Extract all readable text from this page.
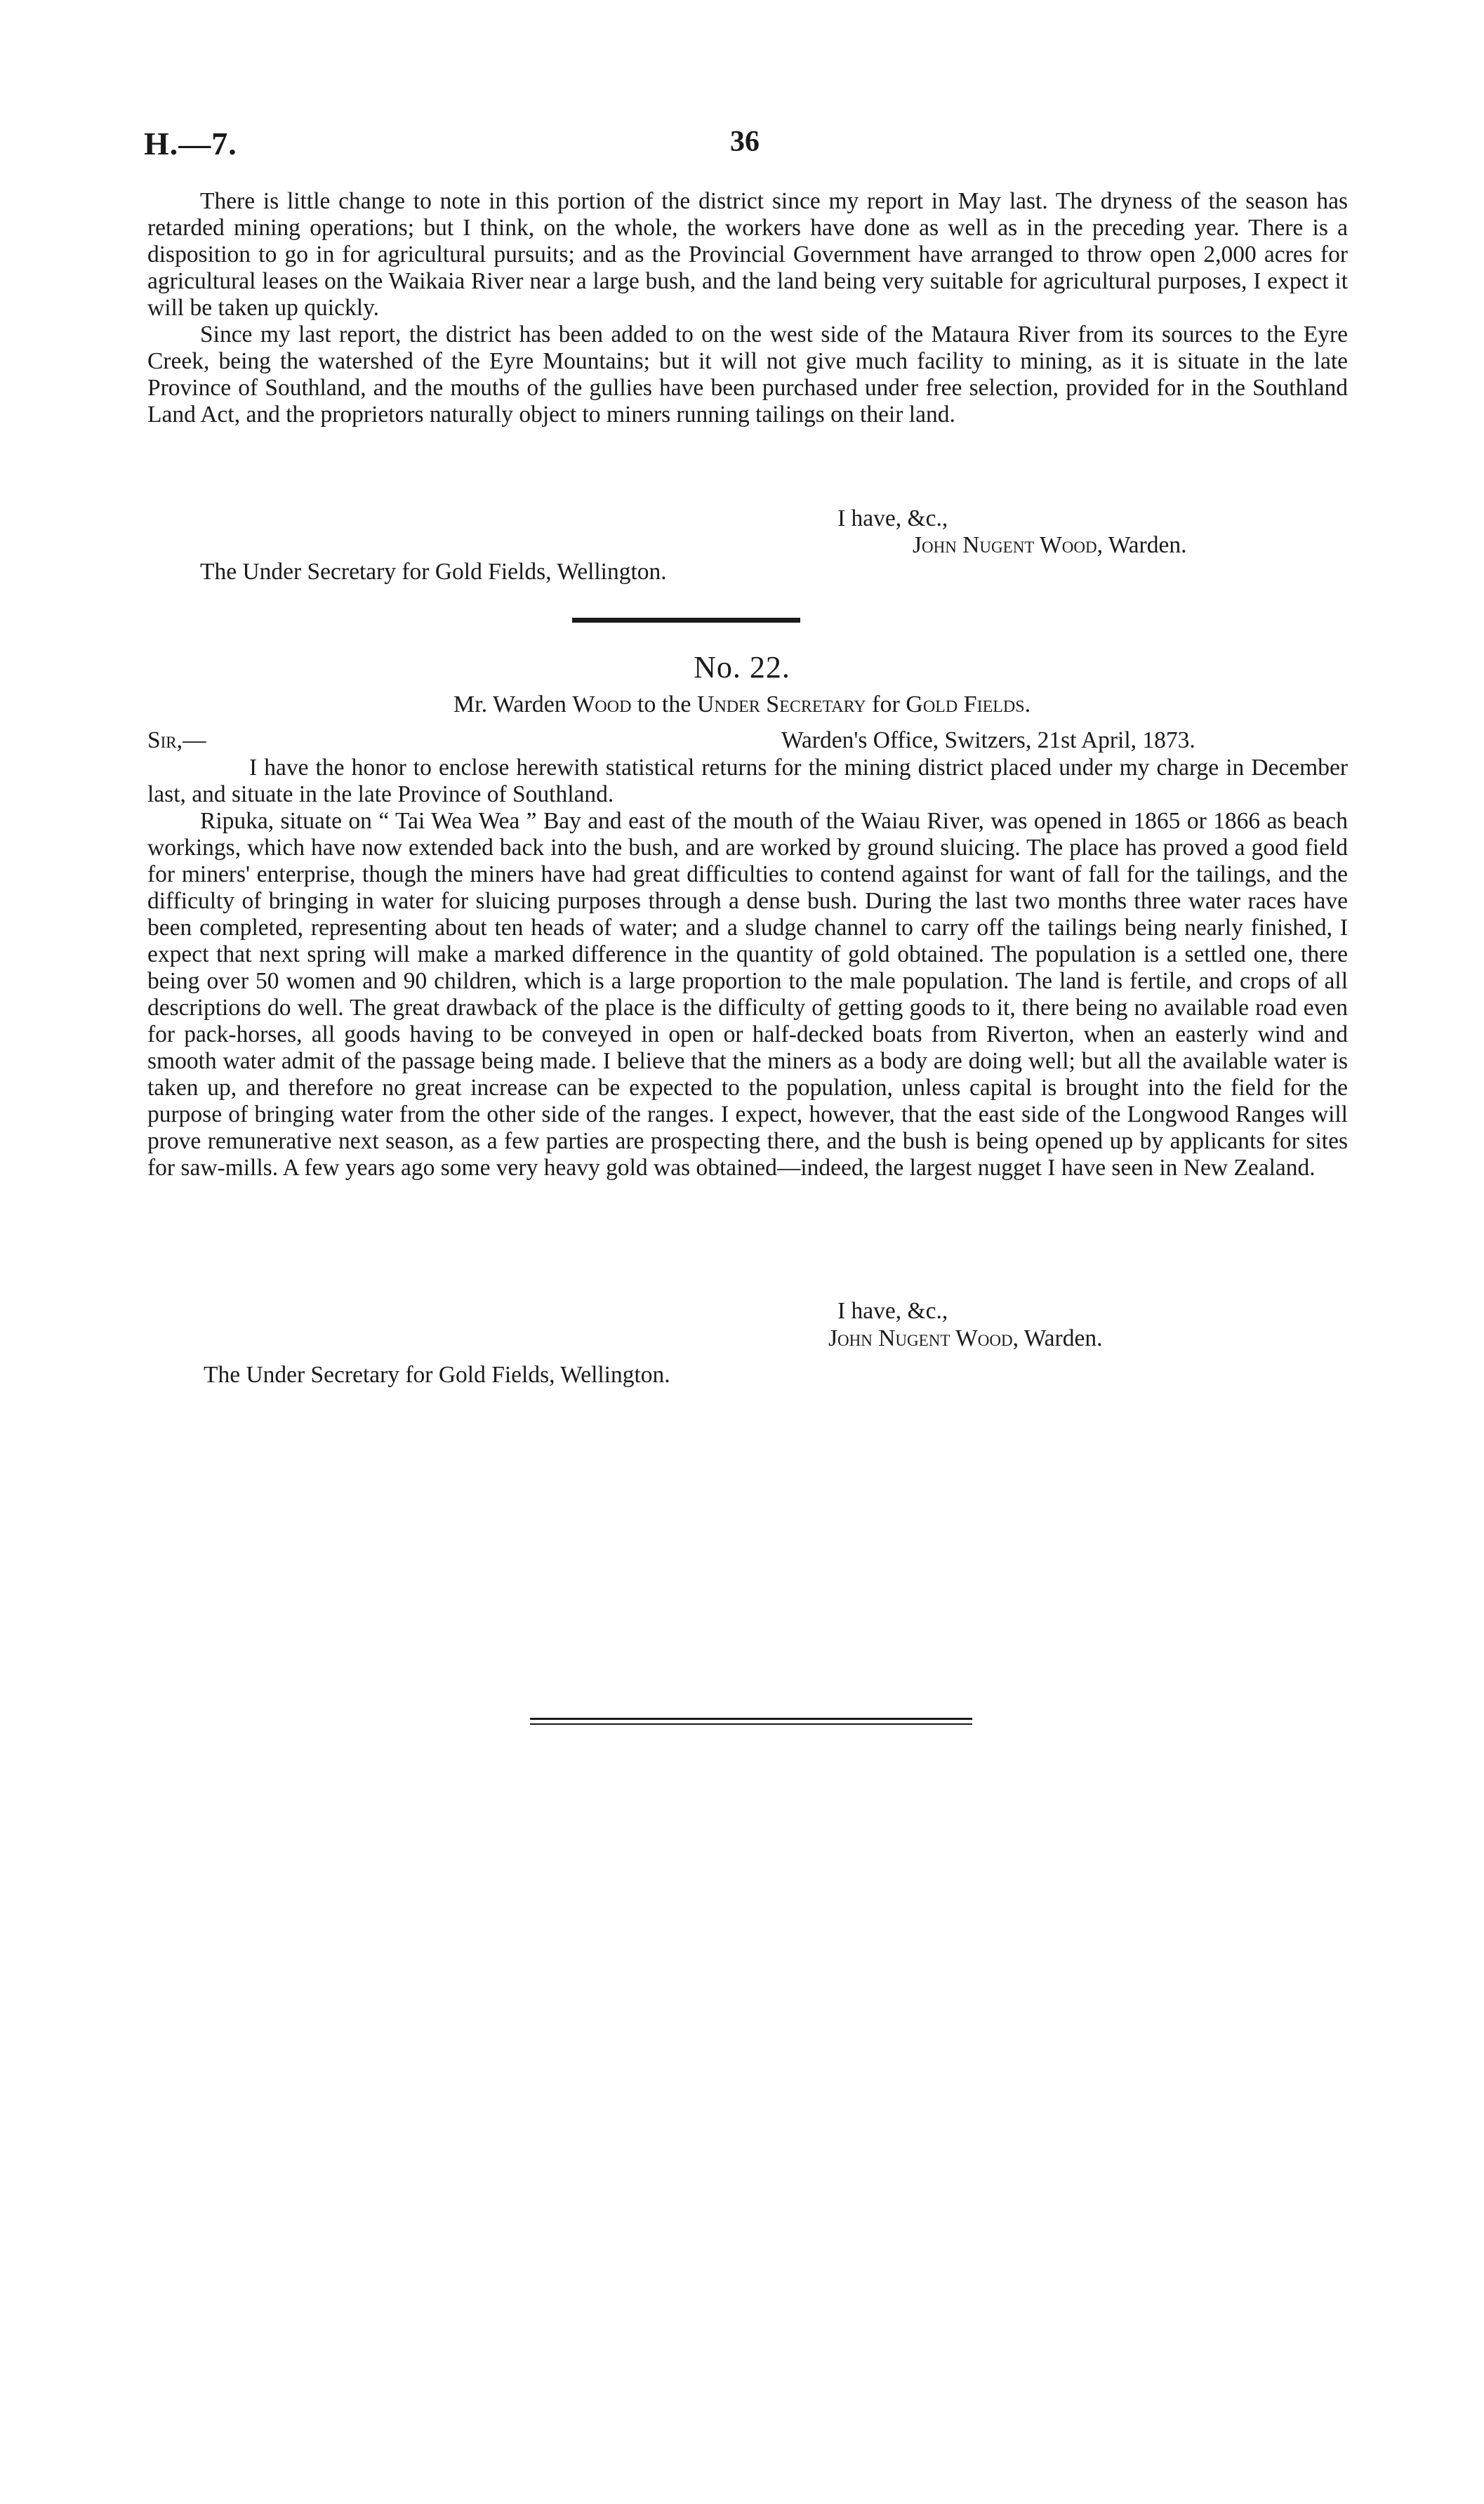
H.—7.	36

There is little change to note in this portion of the district since my report in May last. The dryness of the season has retarded mining operations; but I think, on the whole, the workers have done as well as in the preceding year. There is a disposition to go in for agricultural pursuits; and as the Provincial Government have arranged to throw open 2,000 acres for agricultural leases on the Waikaia River near a large bush, and the land being very suitable for agricultural purposes, I expect it will be taken up quickly.

Since my last report, the district has been added to on the west side of the Mataura River from its sources to the Eyre Creek, being the watershed of the Eyre Mountains; but it will not give much facility to mining, as it is situate in the late Province of Southland, and the mouths of the gullies have been purchased under free selection, provided for in the Southland Land Act, and the proprietors naturally object to miners running tailings on their land.

I have, &c.,
John Nugent Wood, Warden.
The Under Secretary for Gold Fields, Wellington.
No. 22.
Mr. Warden Wood to the Under Secretary for Gold Fields.
Sir,—	Warden's Office, Switzers, 21st April, 1873.

I have the honor to enclose herewith statistical returns for the mining district placed under my charge in December last, and situate in the late Province of Southland.

Ripuka, situate on “ Tai Wea Wea ” Bay and east of the mouth of the Waiau River, was opened in 1865 or 1866 as beach workings, which have now extended back into the bush, and are worked by ground sluicing. The place has proved a good field for miners' enterprise, though the miners have had great difficulties to contend against for want of fall for the tailings, and the difficulty of bringing in water for sluicing purposes through a dense bush. During the last two months three water races have been completed, representing about ten heads of water; and a sludge channel to carry off the tailings being nearly finished, I expect that next spring will make a marked difference in the quantity of gold obtained. The population is a settled one, there being over 50 women and 90 children, which is a large proportion to the male population. The land is fertile, and crops of all descriptions do well. The great drawback of the place is the difficulty of getting goods to it, there being no available road even for pack-horses, all goods having to be conveyed in open or half-decked boats from Riverton, when an easterly wind and smooth water admit of the passage being made. I believe that the miners as a body are doing well; but all the available water is taken up, and therefore no great increase can be expected to the population, unless capital is brought into the field for the purpose of bringing water from the other side of the ranges. I expect, however, that the east side of the Longwood Ranges will prove remunerative next season, as a few parties are prospecting there, and the bush is being opened up by applicants for sites for saw-mills. A few years ago some very heavy gold was obtained—indeed, the largest nugget I have seen in New Zealand.

I have, &c.,
John Nugent Wood, Warden.
The Under Secretary for Gold Fields, Wellington.
